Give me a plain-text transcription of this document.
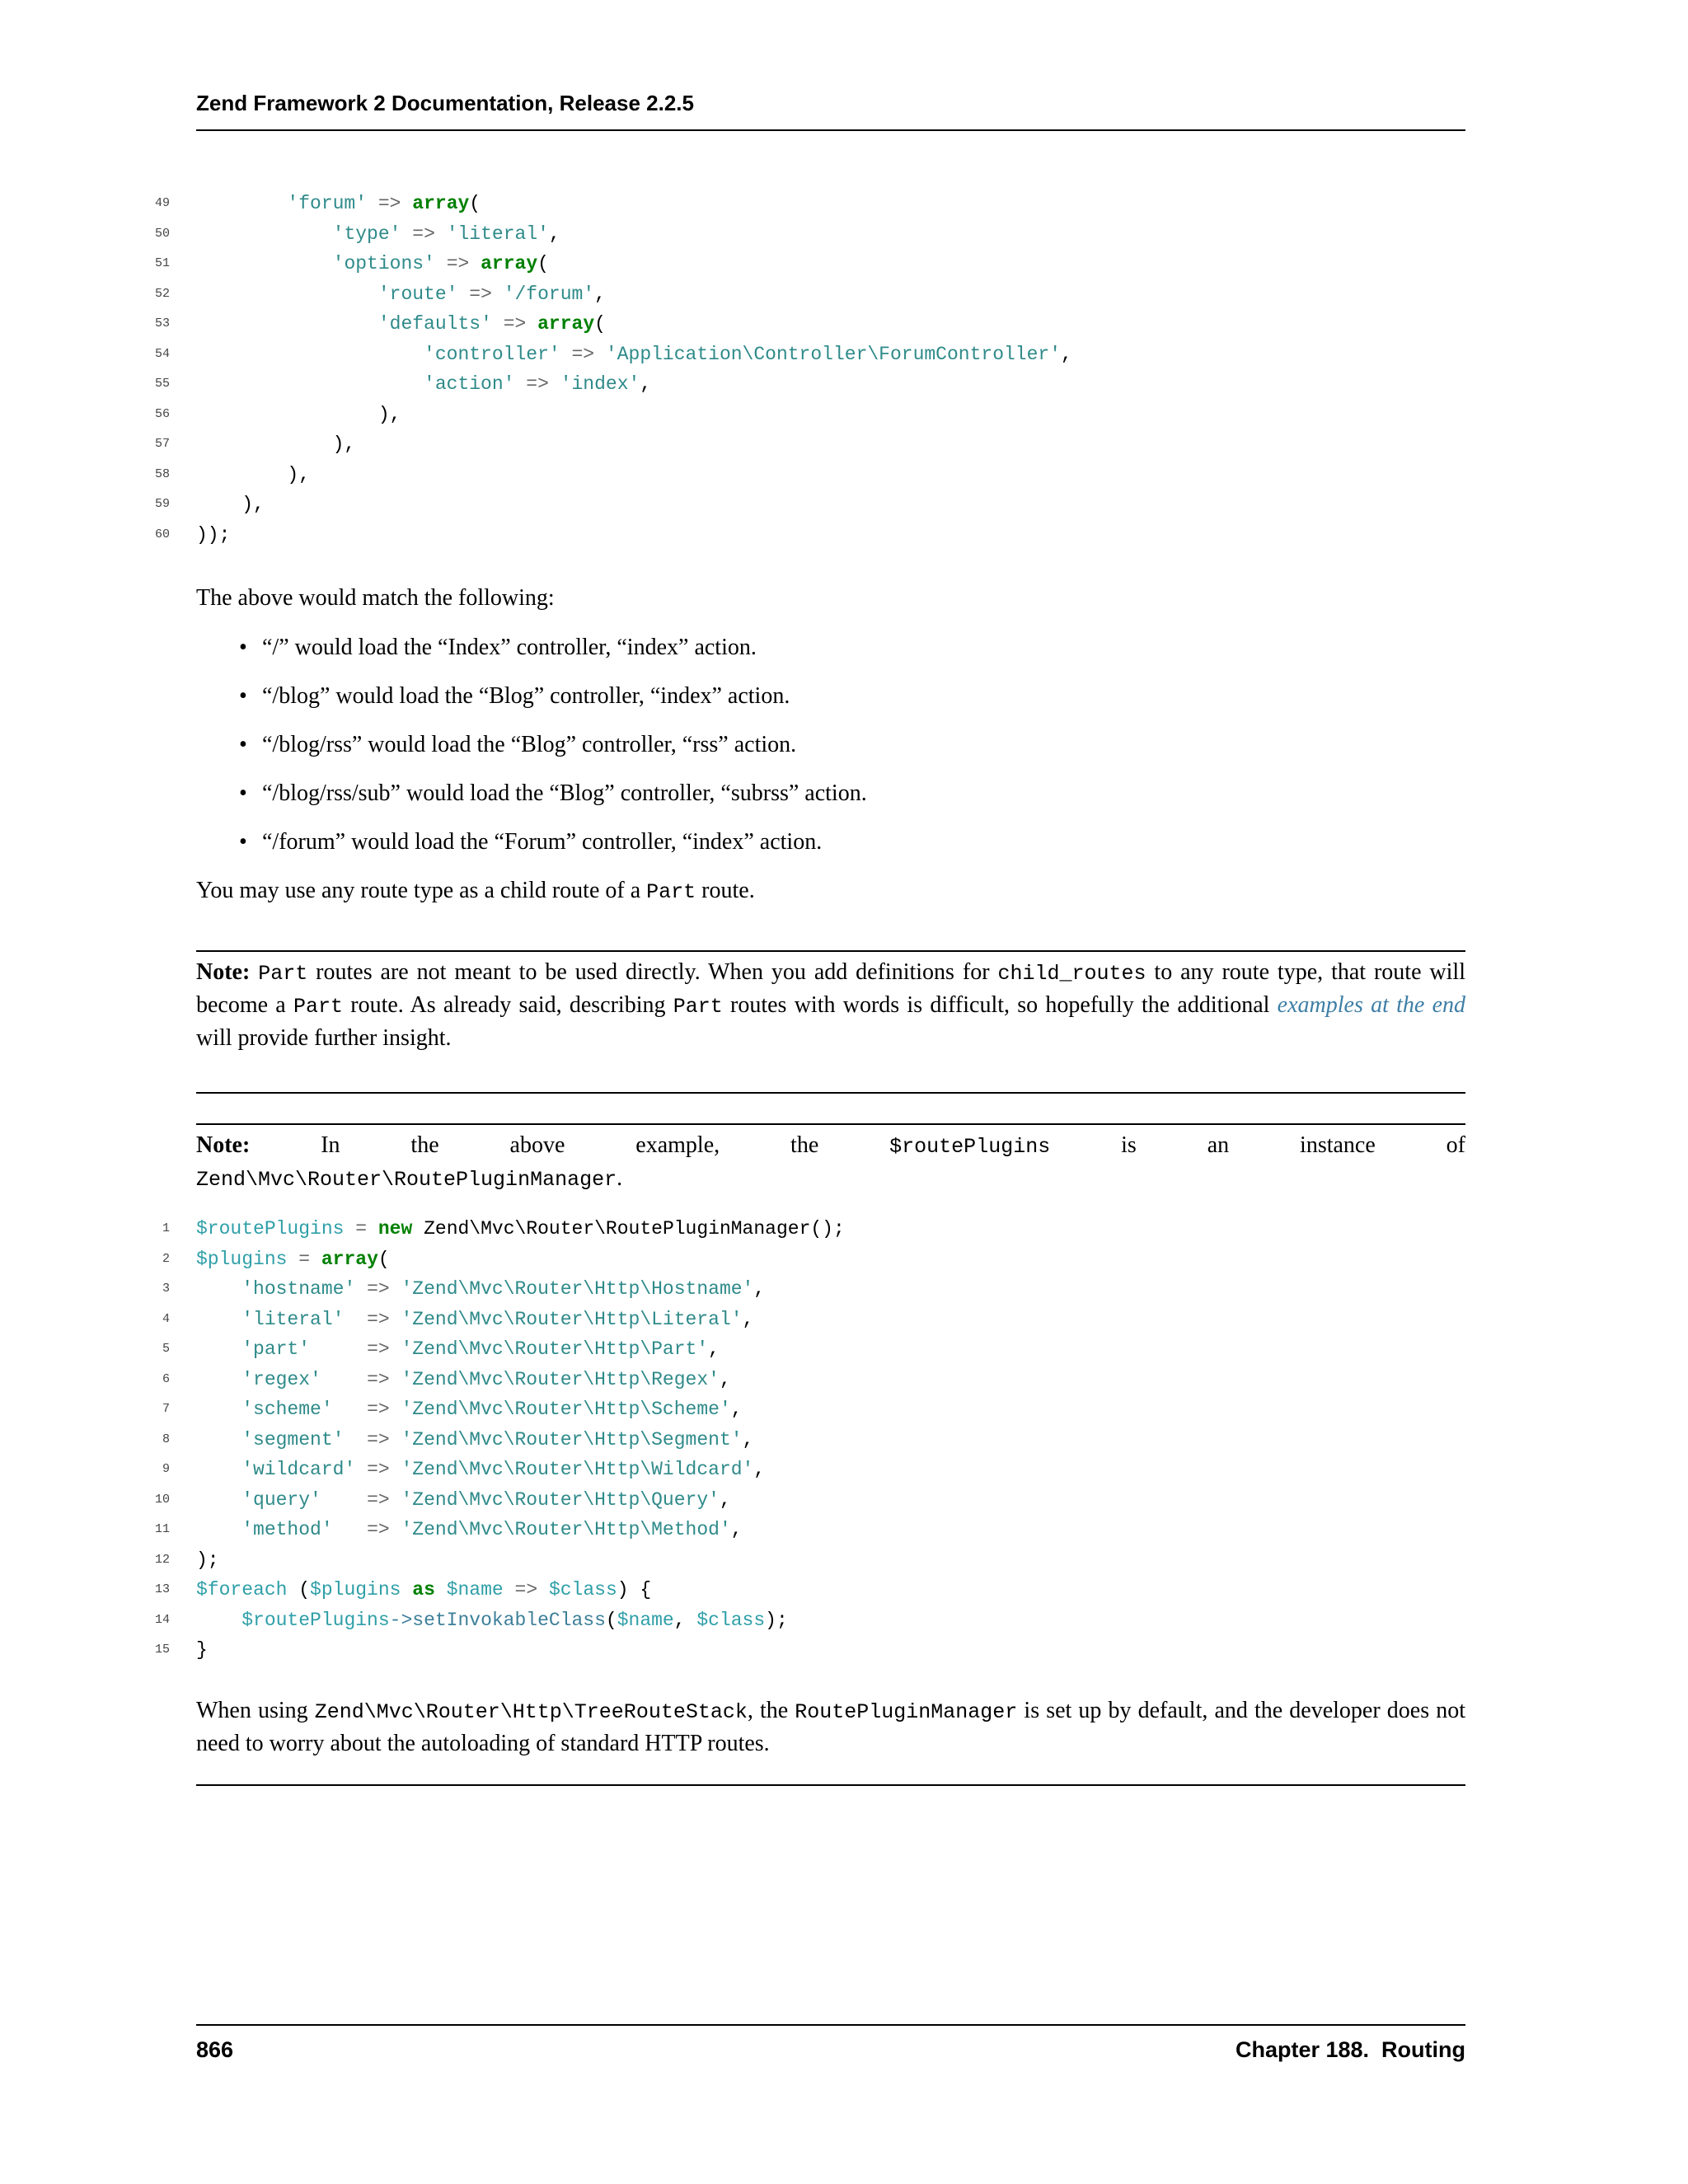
Zend Framework 2 Documentation, Release 2.2.5
49	'forum' => array(
50	'type' => 'literal',
51	'options' => array(
52	'route' => '/forum',
53	'defaults' => array(
54	'controller' => 'Application\Controller\ForumController',
55	'action' => 'index',
56 ),
57 ),
58 ),
59 ),
60 ));

The above would match the following:

• “/” would load the “Index” controller, “index” action.
• “/blog” would load the “Blog” controller, “index” action.
• “/blog/rss” would load the “Blog” controller, “rss” action.
• “/blog/rss/sub” would load the “Blog” controller, “subrss” action.
• “/forum” would load the “Forum” controller, “index” action.

You may use any route type as a child route of a Part route.

Note: Part routes are not meant to be used directly. When you add definitions for child_routes to any route type, that route will become a Part route. As already said, describing Part routes with words is difficult, so hopefully the additional examples at the end will provide further insight.

Note: In the above example, the $routePlugins is an instance of
Zend\Mvc\Router\RoutePluginManager.

1 $routePlugins = new Zend\Mvc\Router\RoutePluginManager();
2 $plugins = array(
3	'hostname' => 'Zend\Mvc\Router\Http\Hostname',
4	'literal' => 'Zend\Mvc\Router\Http\Literal',
5	'part'	=> 'Zend\Mvc\Router\Http\Part',
6	'regex' => 'Zend\Mvc\Router\Http\Regex',
7	'scheme' => 'Zend\Mvc\Router\Http\Scheme',
8	'segment' => 'Zend\Mvc\Router\Http\Segment',
9	'wildcard' => 'Zend\Mvc\Router\Http\Wildcard',
10	'query' => 'Zend\Mvc\Router\Http\Query',
11	'method' => 'Zend\Mvc\Router\Http\Method',
12 );
13 $foreach ($plugins as $name => $class) {
14	$routePlugins->setInvokableClass($name, $class);
15 }

When using Zend\Mvc\Router\Http\TreeRouteStack, the RoutePluginManager is set up by default, and the developer does not need to worry about the autoloading of standard HTTP routes.

866	Chapter 188.  Routing
